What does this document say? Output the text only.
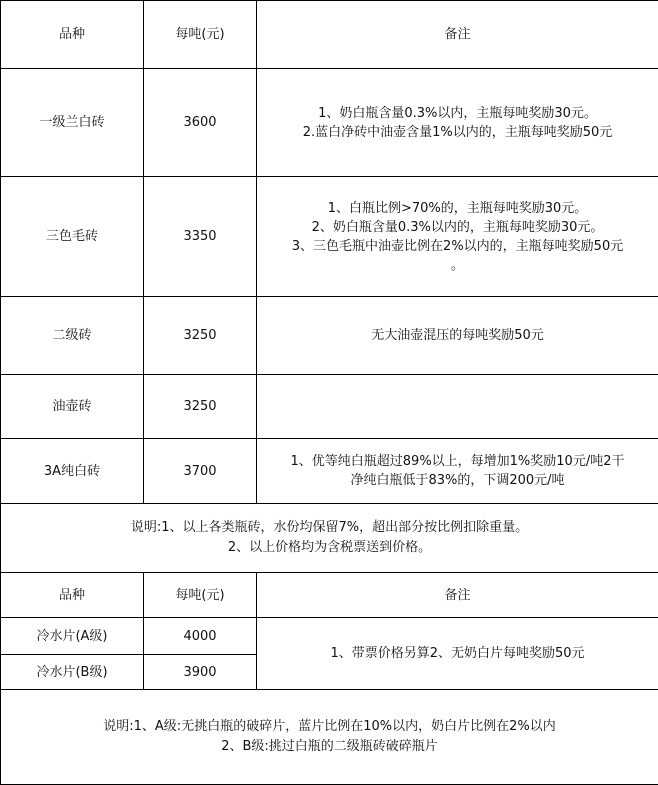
品种	每吨(元)	备注
一级兰白砖	3600	1、奶白瓶含量0.3%以内，主瓶每吨奖励30元。
2.蓝白净砖中油壶含量1%以内的，主瓶每吨奖励50元

三色毛砖	3350	1、白瓶比例>70%的，主瓶每吨奖励30元。
2、奶白瓶含量0.3%以内的，主瓶每吨奖励30元。
3、三色毛瓶中油壶比例在2%以内的，主瓶每吨奖励50元
。

二级砖	3250	无大油壶混压的每吨奖励50元

油壶砖	3250	
3A纯白砖	3700	1、优等纯白瓶超过89%以上，每增加1%奖励10元/吨2干
净纯白瓶低于83%的，下调200元/吨

说明:1、以上各类瓶砖，水份均保留7%，超出部分按比例扣除重量。
2、以上价格均为含税票送到价格。		
品种	每吨(元)	备注
冷水片(A级)	4000	1、带票价格另算2、无奶白片每吨奖励50元
冷水片(B级)	3900	

说明:1、A级:无挑白瓶的破碎片，蓝片比例在10%以内，奶白片比例在2%以内
2、B级:挑过白瓶的二级瓶砖破碎瓶片		
